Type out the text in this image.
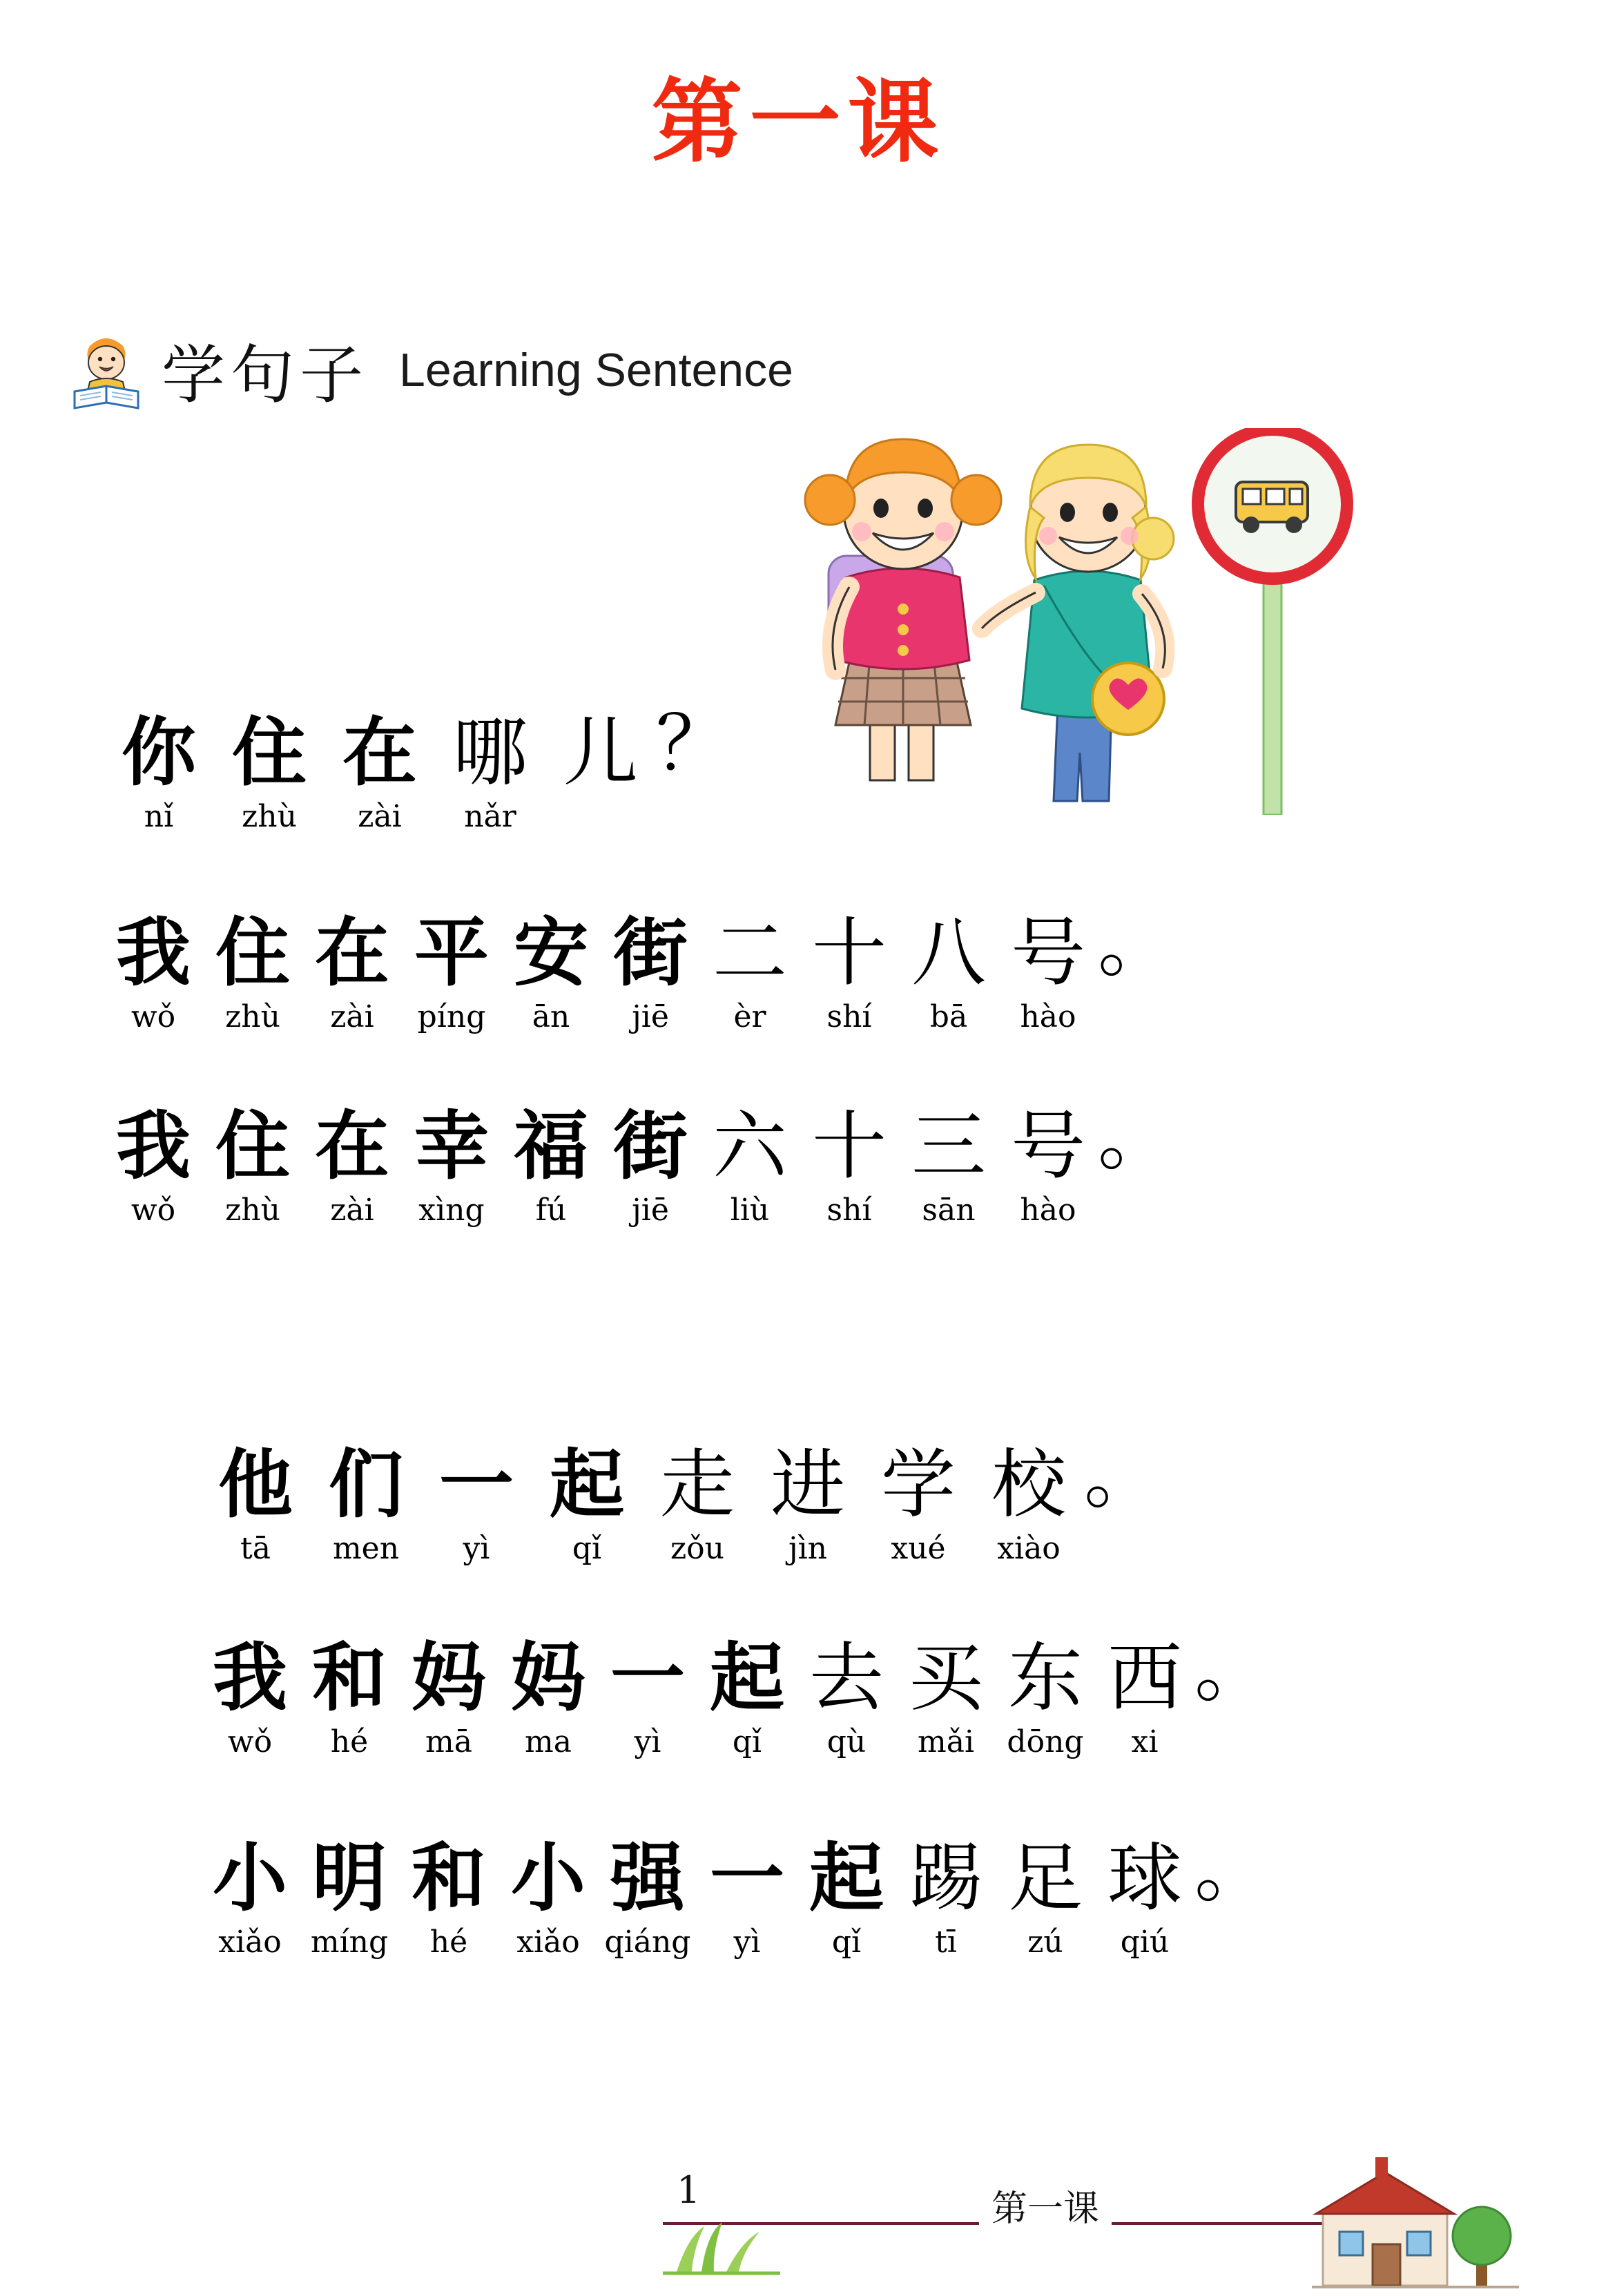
第一课
学句子 Learning Sentence
你 住 在 哪 儿 ？
nǐ	zhù	zài	nǎr
我 住 在 平 安 街 二 十 八 号 。
wǒ	zhù	zài	píng	ān	jiē	èr	shí	bā	hào
我 住 在 幸 福 街 六 十 三 号 。
wǒ	zhù	zài	xìng	fú	jiē	liù	shí	sān	hào
他 们 一 起 走 进 学 校 。
tā	men	yì	qǐ	zǒu	jìn	xué	xiào
我 和 妈 妈 一 起 去 买 东 西 。
wǒ	hé	mā	ma	yì	qǐ	qù	mǎi	dōng	xi
小 明 和 小 强 一 起 踢 足 球 。
xiǎo míng	hé	xiǎo qiáng	yì	qǐ	tī	zú	qiú
1	第一课
